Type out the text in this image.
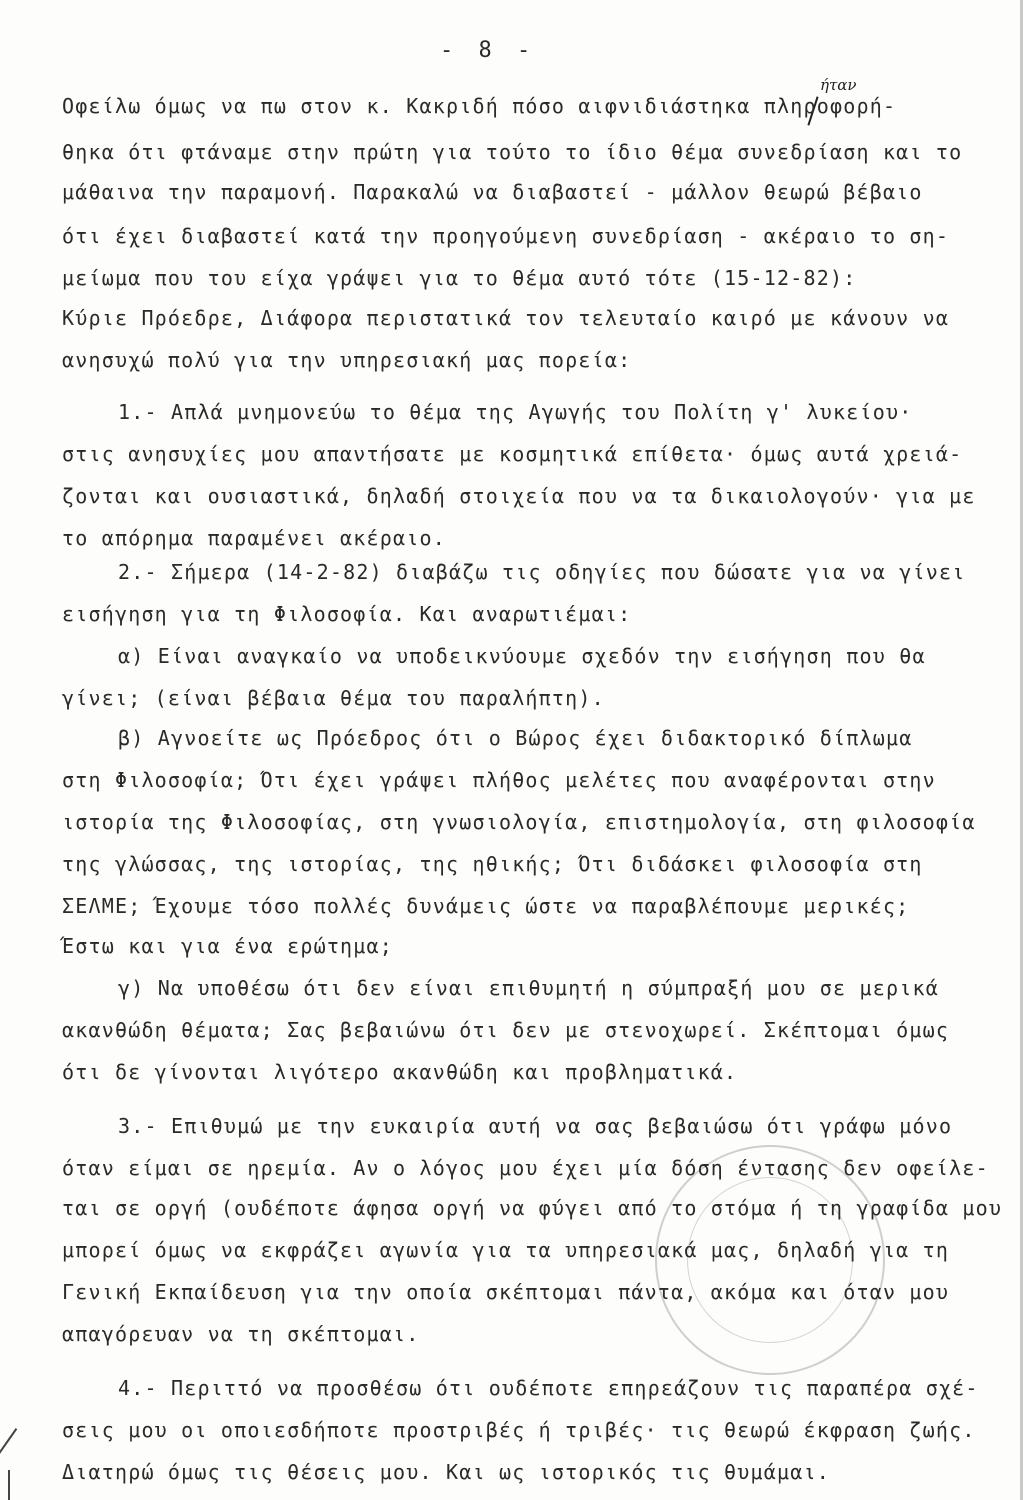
- 8 -
ήταν
Οφείλω όμως να πω στον κ. Κακριδή πόσο αιφνιδιάστηκα πληροφορή-
θηκα ότι φτάναμε στην πρώτη για τούτο το ίδιο θέμα συνεδρίαση και το
μάθαινα την παραμονή. Παρακαλώ να διαβαστεί - μάλλον θεωρώ βέβαιο
ότι έχει διαβαστεί κατά την προηγούμενη συνεδρίαση - ακέραιο το ση-
μείωμα που του είχα γράψει για το θέμα αυτό τότε (15-12-82):
Κύριε Πρόεδρε, Διάφορα περιστατικά τον τελευταίο καιρό με κάνουν να
ανησυχώ πολύ για την υπηρεσιακή μας πορεία:
1.- Απλά μνημονεύω το θέμα της Αγωγής του Πολίτη γ' λυκείου·
στις ανησυχίες μου απαντήσατε με κοσμητικά επίθετα· όμως αυτά χρειά-
ζονται και ουσιαστικά, δηλαδή στοιχεία που να τα δικαιολογούν· για με
το απόρημα παραμένει ακέραιο.
2.- Σήμερα (14-2-82) διαβάζω τις οδηγίες που δώσατε για να γίνει
εισήγηση για τη Φιλοσοφία. Και αναρωτιέμαι:
α) Είναι αναγκαίο να υποδεικνύουμε σχεδόν την εισήγηση που θα
γίνει; (είναι βέβαια θέμα του παραλήπτη).
β) Αγνοείτε ως Πρόεδρος ότι ο Βώρος έχει διδακτορικό δίπλωμα
στη Φιλοσοφία; Ότι έχει γράψει πλήθος μελέτες που αναφέρονται στην
ιστορία της Φιλοσοφίας, στη γνωσιολογία, επιστημολογία, στη φιλοσοφία
της γλώσσας, της ιστορίας, της ηθικής; Ότι διδάσκει φιλοσοφία στη
ΣΕΛΜΕ; Έχουμε τόσο πολλές δυνάμεις ώστε να παραβλέπουμε μερικές;
Έστω και για ένα ερώτημα;
γ) Να υποθέσω ότι δεν είναι επιθυμητή η σύμπραξή μου σε μερικά
ακανθώδη θέματα; Σας βεβαιώνω ότι δεν με στενοχωρεί. Σκέπτομαι όμως
ότι δε γίνονται λιγότερο ακανθώδη και προβληματικά.
3.- Επιθυμώ με την ευκαιρία αυτή να σας βεβαιώσω ότι γράφω μόνο
όταν είμαι σε ηρεμία. Αν ο λόγος μου έχει μία δόση έντασης δεν οφείλε-
ται σε οργή (ουδέποτε άφησα οργή να φύγει από το στόμα ή τη γραφίδα μου
μπορεί όμως να εκφράζει αγωνία για τα υπηρεσιακά μας, δηλαδή για τη
Γενική Εκπαίδευση για την οποία σκέπτομαι πάντα, ακόμα και όταν μου
απαγόρευαν να τη σκέπτομαι.
4.- Περιττό να προσθέσω ότι ουδέποτε επηρεάζουν τις παραπέρα σχέ-
σεις μου οι οποιεσδήποτε προστριβές ή τριβές· τις θεωρώ έκφραση ζωής.
Διατηρώ όμως τις θέσεις μου. Και ως ιστορικός τις θυμάμαι.
